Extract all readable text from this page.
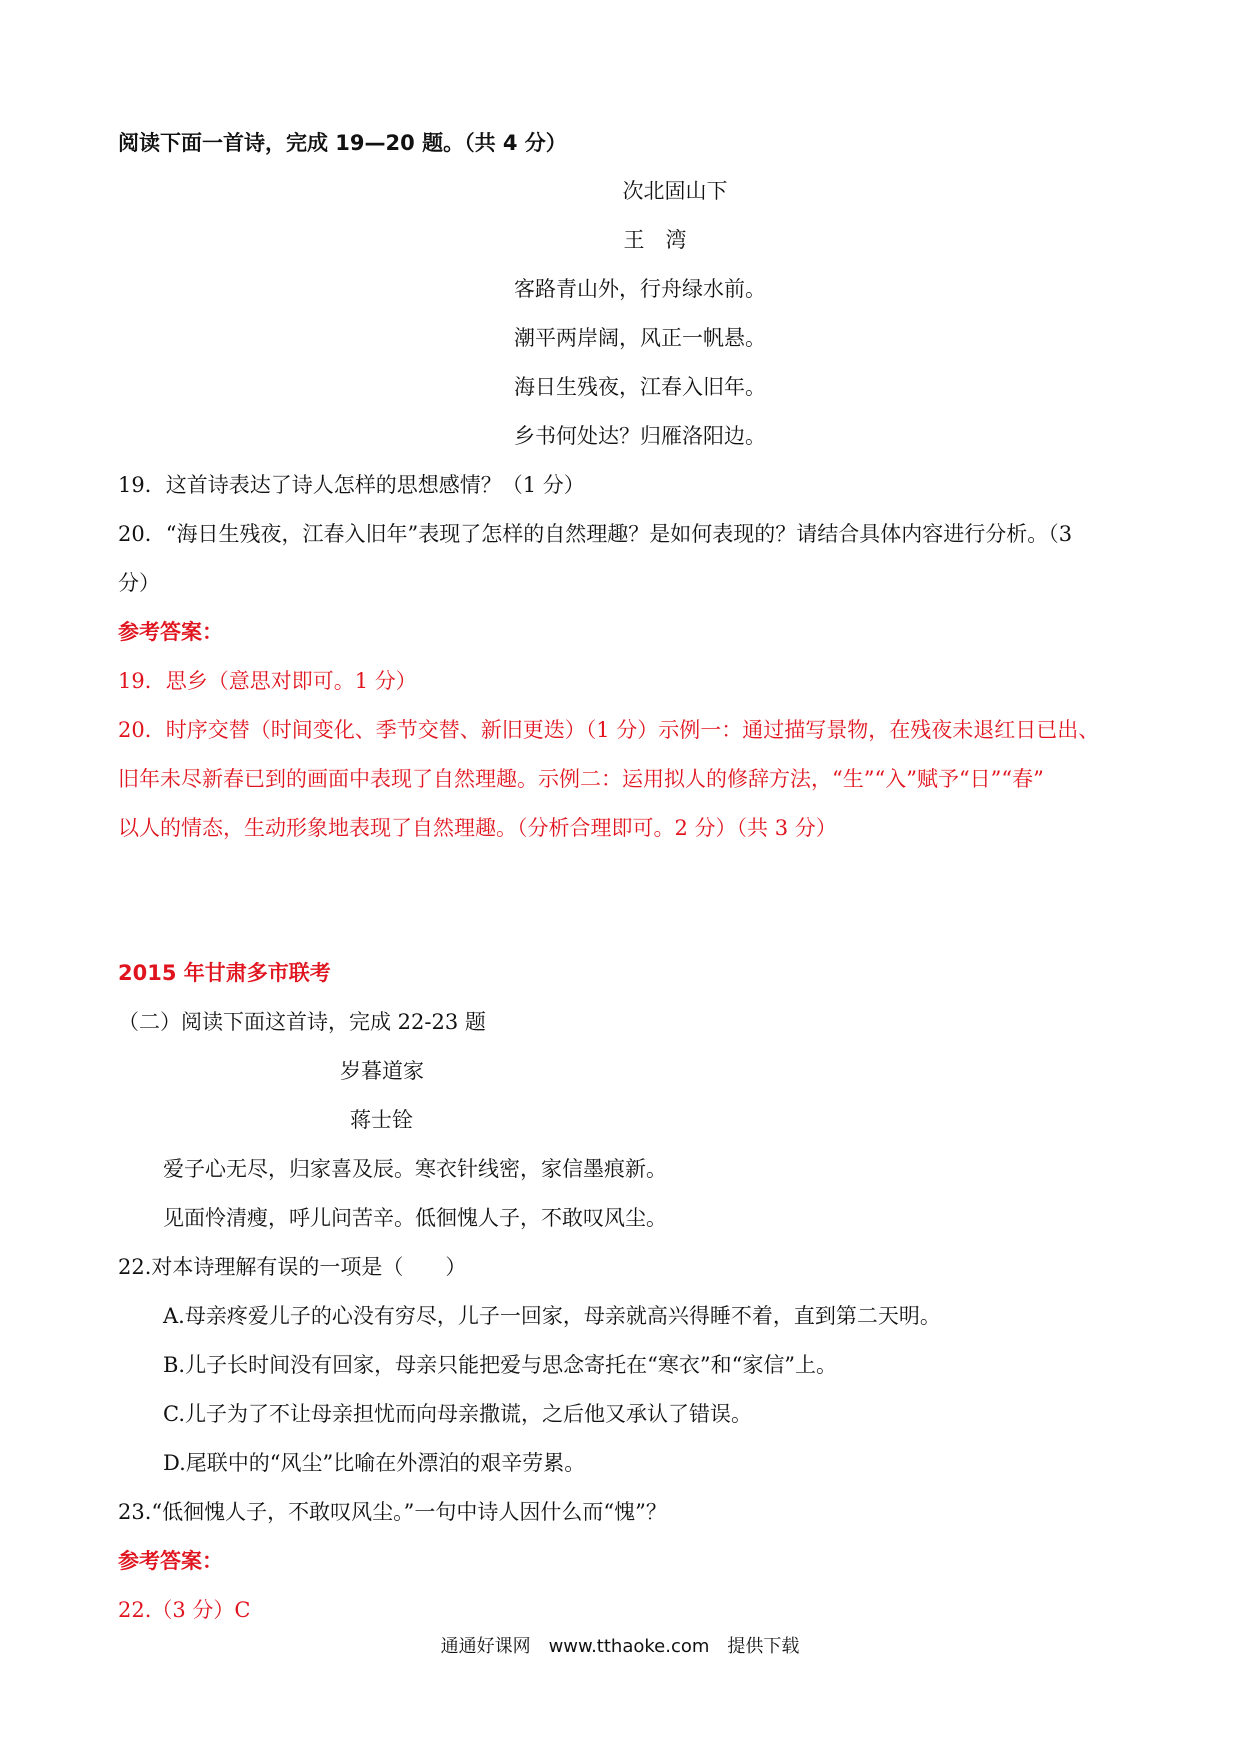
阅读下面一首诗，完成 19—20 题。（共 4 分）
次北固山下
王　湾
客路青山外，行舟绿水前。
潮平两岸阔，风正一帆悬。
海日生残夜，江春入旧年。
乡书何处达？归雁洛阳边。
19．这首诗表达了诗人怎样的思想感情？（1 分）
20．“海日生残夜，江春入旧年”表现了怎样的自然理趣？是如何表现的？请结合具体内容进行分析。（3
分）
参考答案：
19．思乡（意思对即可。1 分）
20．时序交替（时间变化、季节交替、新旧更迭）（1 分）示例一：通过描写景物，在残夜未退红日已出、
旧年未尽新春已到的画面中表现了自然理趣。示例二：运用拟人的修辞方法，“生”“入”赋予“日”“春”
以人的情态，生动形象地表现了自然理趣。（分析合理即可。2 分）（共 3 分）
2015 年甘肃多市联考
（二）阅读下面这首诗，完成 22-23 题
岁暮道家
蒋士铨
爱子心无尽，归家喜及辰。寒衣针线密，家信墨痕新。
见面怜清瘦，呼儿问苦辛。低徊愧人子，不敢叹风尘。
22.对本诗理解有误的一项是（　　）
A.母亲疼爱儿子的心没有穷尽，儿子一回家，母亲就高兴得睡不着，直到第二天明。
B.儿子长时间没有回家，母亲只能把爱与思念寄托在“寒衣”和“家信”上。
C.儿子为了不让母亲担忧而向母亲撒谎，之后他又承认了错误。
D.尾联中的“风尘”比喻在外漂泊的艰辛劳累。
23.“低徊愧人子，不敢叹风尘。”一句中诗人因什么而“愧”？
参考答案：
22.（3 分）C
通通好课网　www.tthaoke.com　提供下载
